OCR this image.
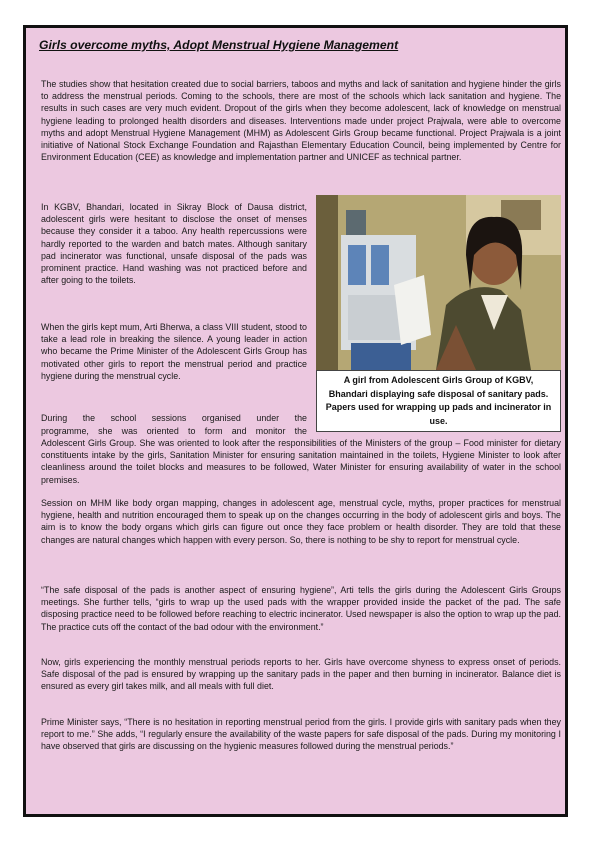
Girls overcome myths, Adopt Menstrual Hygiene Management

The studies show that hesitation created due to social barriers, taboos and myths and lack of sanitation and hygiene hinder the girls to address the menstrual periods. Coming to the schools, there are most of the schools which lack sanitation and hygiene. The results in such cases are very much evident. Dropout of the girls when they become adolescent, lack of knowledge on menstrual hygiene leading to prolonged health disorders and diseases. Interventions made under project Prajwala, were able to overcome myths and adopt Menstrual Hygiene Management (MHM) as Adolescent Girls Group became functional. Project Prajwala is a joint initiative of National Stock Exchange Foundation and Rajasthan Elementary Education Council, being implemented by Centre for Environment Education (CEE) as knowledge and implementation partner and UNICEF as technical partner.

In KGBV, Bhandari, located in Sikray Block of Dausa district, adolescent girls were hesitant to disclose the onset of menses because they consider it a taboo. Any health repercussions were hardly reported to the warden and batch mates. Although sanitary pad incinerator was functional, unsafe disposal of the pads was prominent practice. Hand washing was not practiced before and after going to the toilets.

When the girls kept mum, Arti Bherwa, a class VIII student, stood to take a lead role in breaking the silence. A young leader in action who became the Prime Minister of the Adolescent Girls Group has motivated other girls to report the menstrual period and practice hygiene during the menstrual cycle.

During the school sessions organised under the

programme, she was oriented to form and monitor the

Adolescent Girls Group. She was oriented to look after the responsibilities of the Ministers of the group – Food minister for dietary constituents intake by the girls, Sanitation Minister for ensuring sanitation maintained in the toilets, Hygiene Minister to look after cleanliness around the toilet blocks and measures to be followed, Water Minister for ensuring availability of water in the school premises.

Session on MHM like body organ mapping, changes in adolescent age, menstrual cycle, myths, proper practices for menstrual hygiene, health and nutrition encouraged them to speak up on the changes occurring in the body of adolescent girls and boys. The aim is to know the body organs which girls can figure out once they face problem or health disorder. They are told that these changes are natural changes which happen with every person. So, there is nothing to be shy to report for menstrual cycle.

“The safe disposal of the pads is another aspect of ensuring hygiene”, Arti tells the girls during the Adolescent Girls Groups meetings. She further tells, “girls to wrap up the used pads with the wrapper provided inside the packet of the pad. The safe disposing practice need to be followed before reaching to electric incinerator. Used newspaper is also the option to wrap up the pad. The practice cuts off the contact of the bad odour with the environment.”

Now, girls experiencing the monthly menstrual periods reports to her. Girls have overcome shyness to express onset of periods. Safe disposal of the pad is ensured by wrapping up the sanitary pads in the paper and then burning in incinerator. Balance diet is ensured as every girl takes milk, and all meals with full diet.

Prime Minister says, “There is no hesitation in reporting menstrual period from the girls. I provide girls with sanitary pads when they report to me.” She adds, “I regularly ensure the availability of the waste papers for safe disposal of the pads. During my monitoring I have observed that girls are discussing on the hygienic measures followed during the menstrual periods.”

A girl from Adolescent Girls Group of KGBV, Bhandari displaying safe disposal of sanitary pads. Papers used for wrapping up pads and incinerator in use.
